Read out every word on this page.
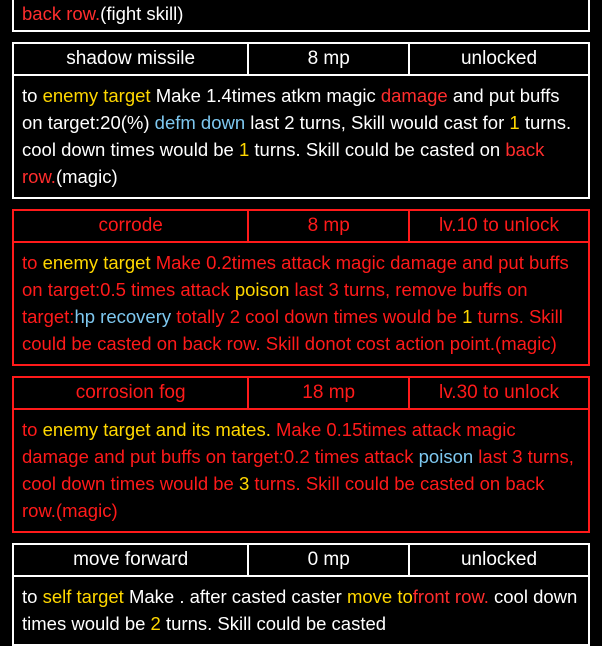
back row.(fight skill)
shadow missile	8 mp	unlocked
to enemy target Make 1.4times atkm magic damage and put buffs on target:20(%) defm down last 2 turns, Skill would cast for 1 turns. cool down times would be 1 turns. Skill could be casted on back row.(magic)
corrode	8 mp	lv.10 to unlock
to enemy target Make 0.2times attack magic damage and put buffs on target:0.5 times attack poison last 3 turns, remove buffs on target:hp recovery totally 2 cool down times would be 1 turns. Skill could be casted on back row. Skill donot cost action point.(magic)
corrosion fog	18 mp	lv.30 to unlock
to enemy target and its mates. Make 0.15times attack magic damage and put buffs on target:0.2 times attack poison last 3 turns, cool down times would be 3 turns. Skill could be casted on back row.(magic)
move forward	0 mp	unlocked
to self target Make . after casted caster move tofront row. cool down times would be 2 turns. Skill could be casted
